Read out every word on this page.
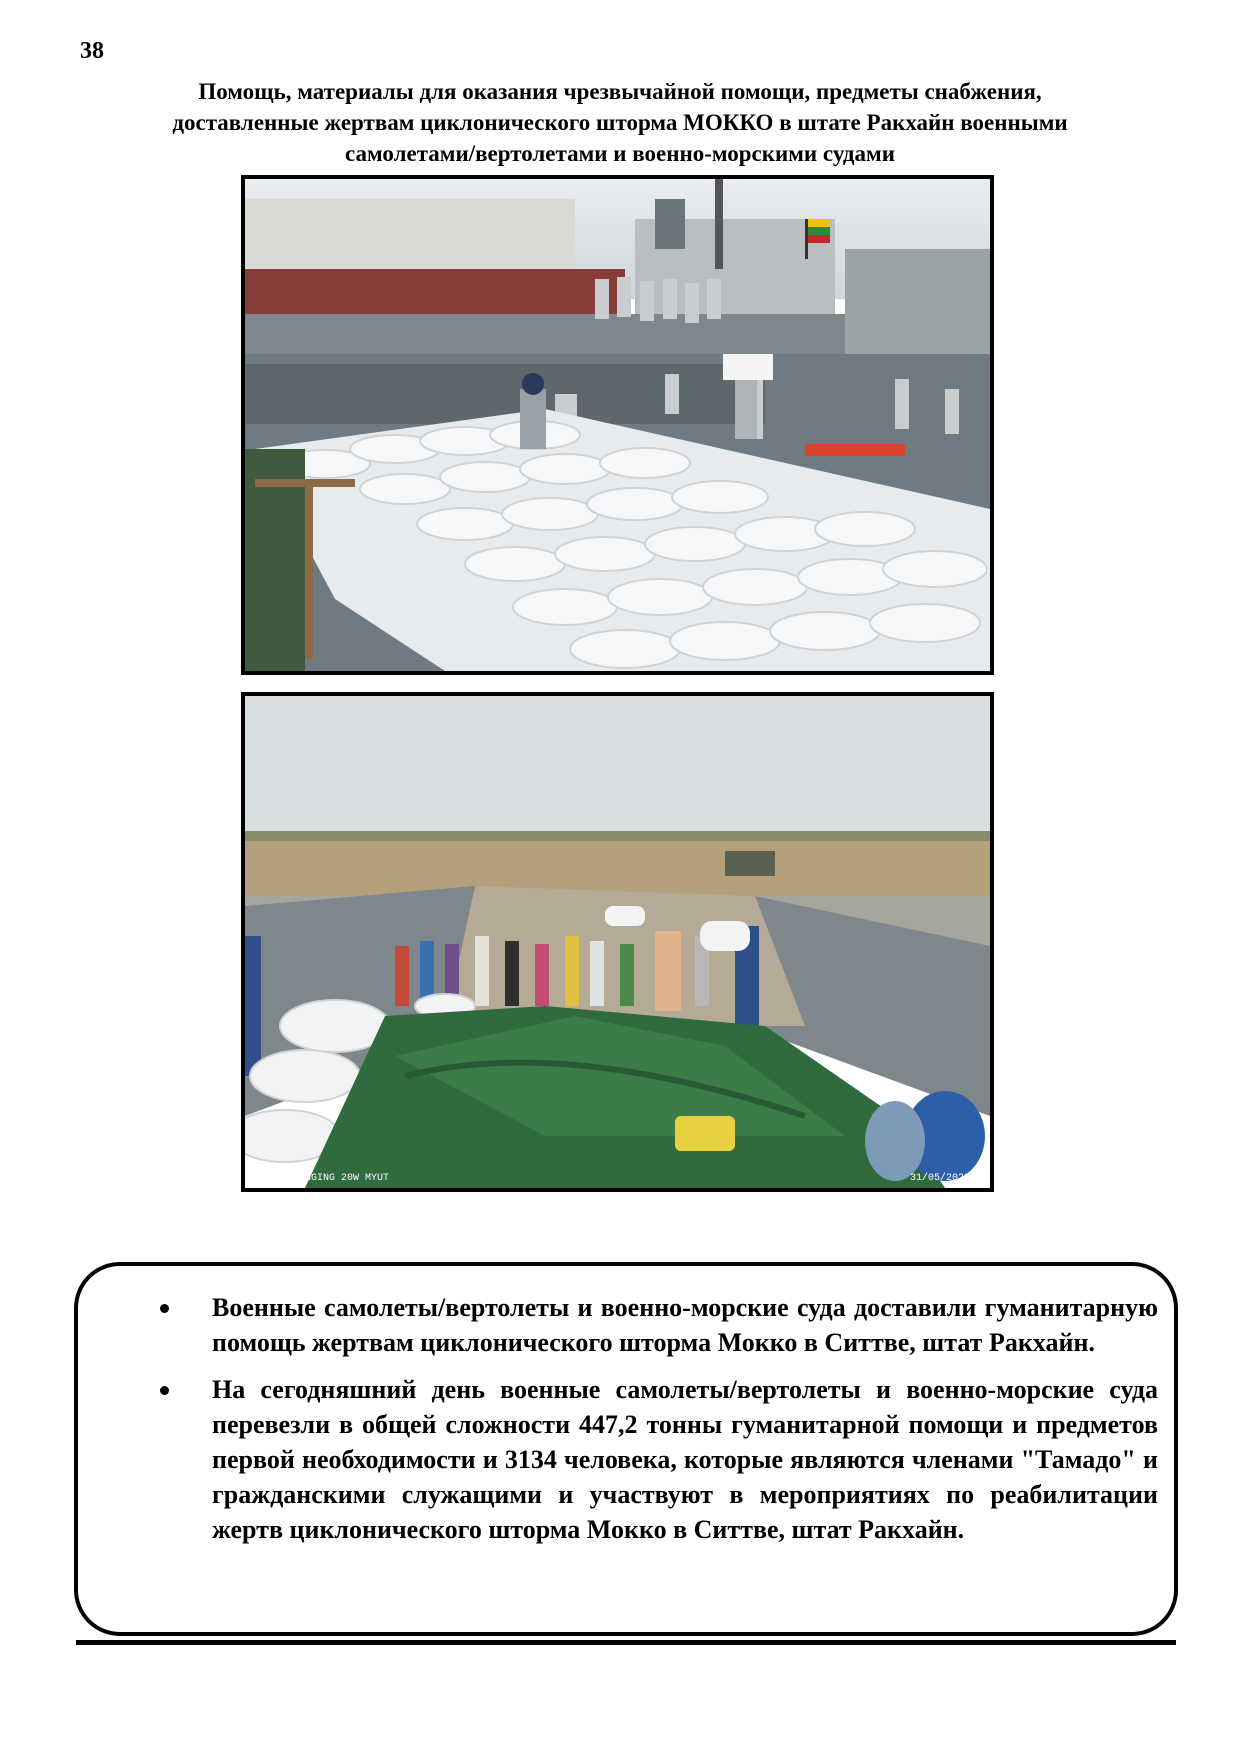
38
Помощь, материалы для оказания чрезвычайной помощи, предметы снабжения,
доставленные жертвам циклонического шторма МОККО в штате Ракхайн военными
самолетами/вертолетами и военно-морскими судами
LIN 60 1 NGING 20W MYUT	31/05/2023
Военные самолеты/вертолеты и военно-морские суда доставили гуманитарную помощь жертвам циклонического шторма Мокко в Ситтве, штат Ракхайн.
На сегодняшний день военные самолеты/вертолеты и военно-морские суда перевезли в общей сложности 447,2 тонны гуманитарной помощи и предметов первой необходимости и 3134 человека, которые являются членами "Тамадо" и гражданскими служащими и участвуют в мероприятиях по реабилитации жертв циклонического шторма Мокко в Ситтве, штат Ракхайн.
